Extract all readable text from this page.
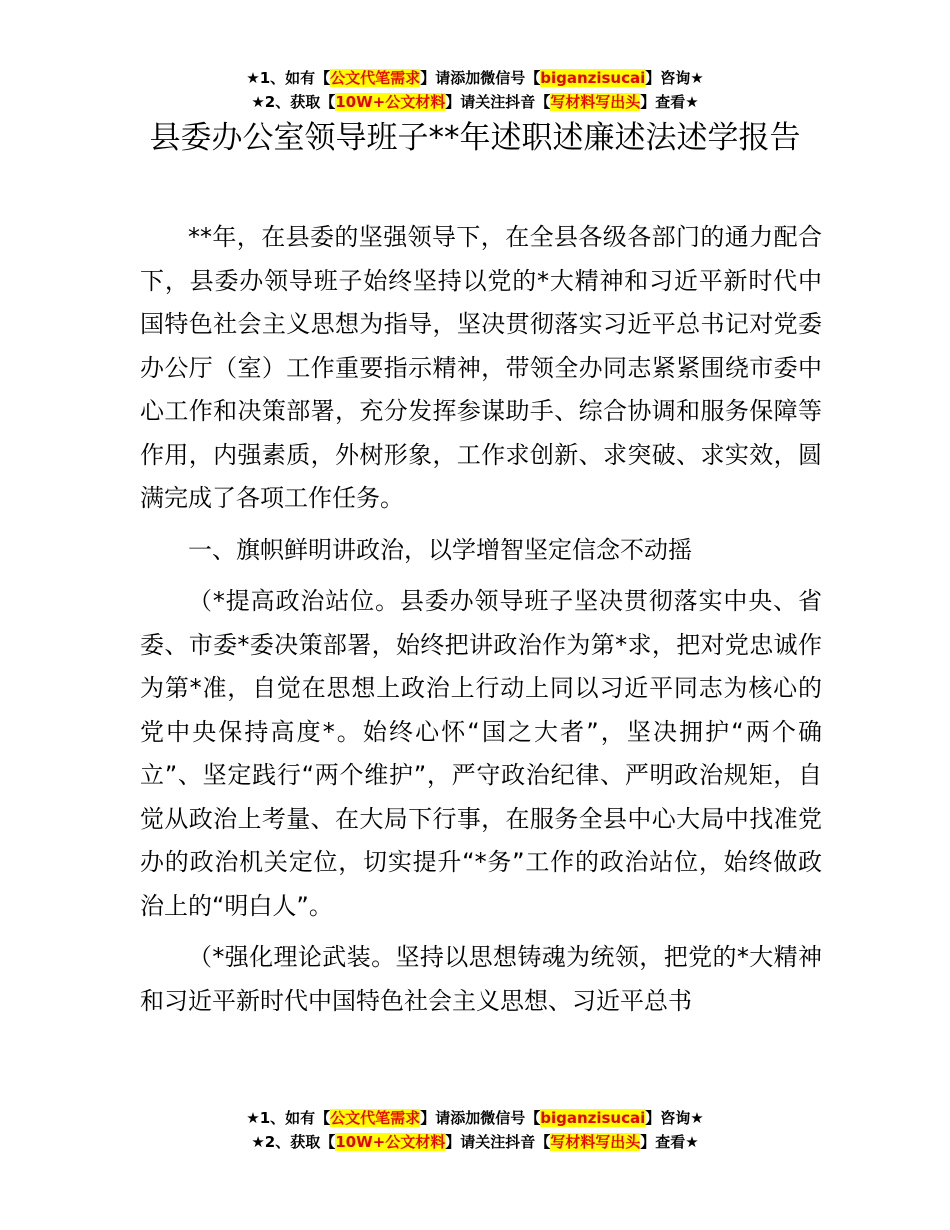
★1、如有【公文代笔需求】请添加微信号【biganzisucai】咨询★
★2、获取【10W+公文材料】请关注抖音【写材料写出头】查看★
县委办公室领导班子**年述职述廉述法述学报告

**年，在县委的坚强领导下，在全县各级各部门的通力配合下，县委办领导班子始终坚持以党的*大精神和习近平新时代中国特色社会主义思想为指导，坚决贯彻落实习近平总书记对党委办公厅（室）工作重要指示精神，带领全办同志紧紧围绕市委中心工作和决策部署，充分发挥参谋助手、综合协调和服务保障等作用，内强素质，外树形象，工作求创新、求突破、求实效，圆满完成了各项工作任务。

一、旗帜鲜明讲政治，以学增智坚定信念不动摇

（*提高政治站位。县委办领导班子坚决贯彻落实中央、省委、市委*委决策部署，始终把讲政治作为第*求，把对党忠诚作为第*准，自觉在思想上政治上行动上同以习近平同志为核心的党中央保持高度*。始终心怀“国之大者”，坚决拥护“两个确立”、坚定践行“两个维护”，严守政治纪律、严明政治规矩，自觉从政治上考量、在大局下行事，在服务全县中心大局中找准党办的政治机关定位，切实提升“*务”工作的政治站位，始终做政治上的“明白人”。

（*强化理论武装。坚持以思想铸魂为统领，把党的*大精神和习近平新时代中国特色社会主义思想、习近平总书

★1、如有【公文代笔需求】请添加微信号【biganzisucai】咨询★
★2、获取【10W+公文材料】请关注抖音【写材料写出头】查看★
